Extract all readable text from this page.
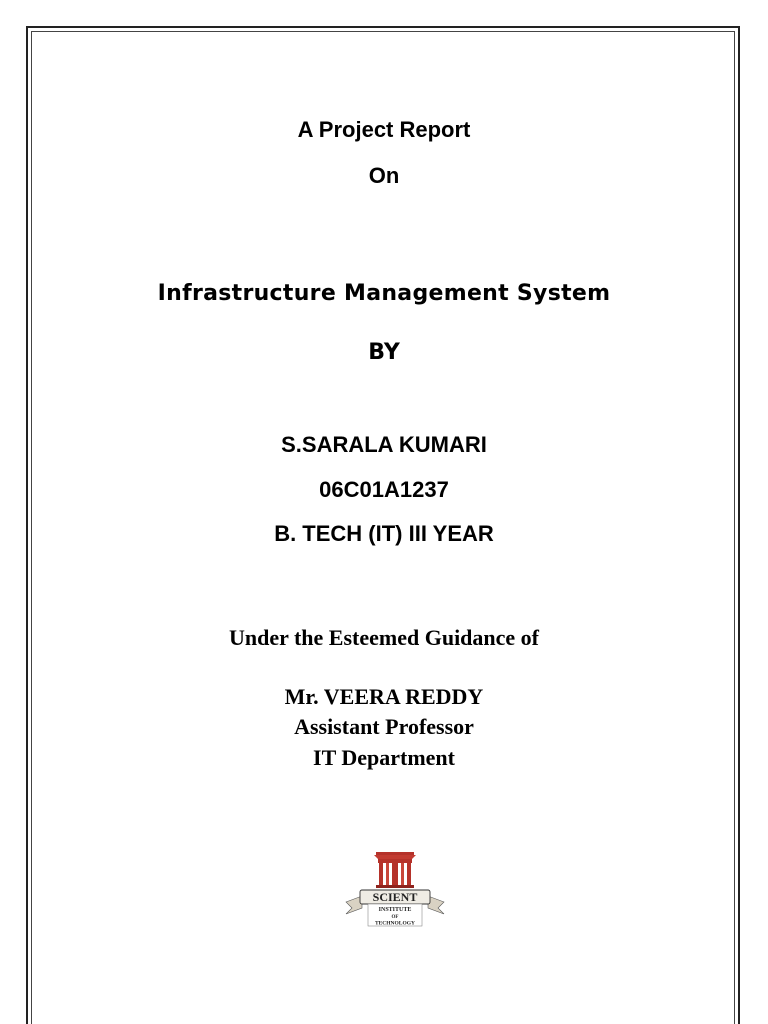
A Project Report
On
Infrastructure Management System
BY
S.SARALA KUMARI
06C01A1237
B. TECH (IT) III YEAR
Under the Esteemed Guidance of
Mr. VEERA REDDY
Assistant Professor
IT Department
SCIENT
INSTITUTE
OF
TECHNOLOGY
